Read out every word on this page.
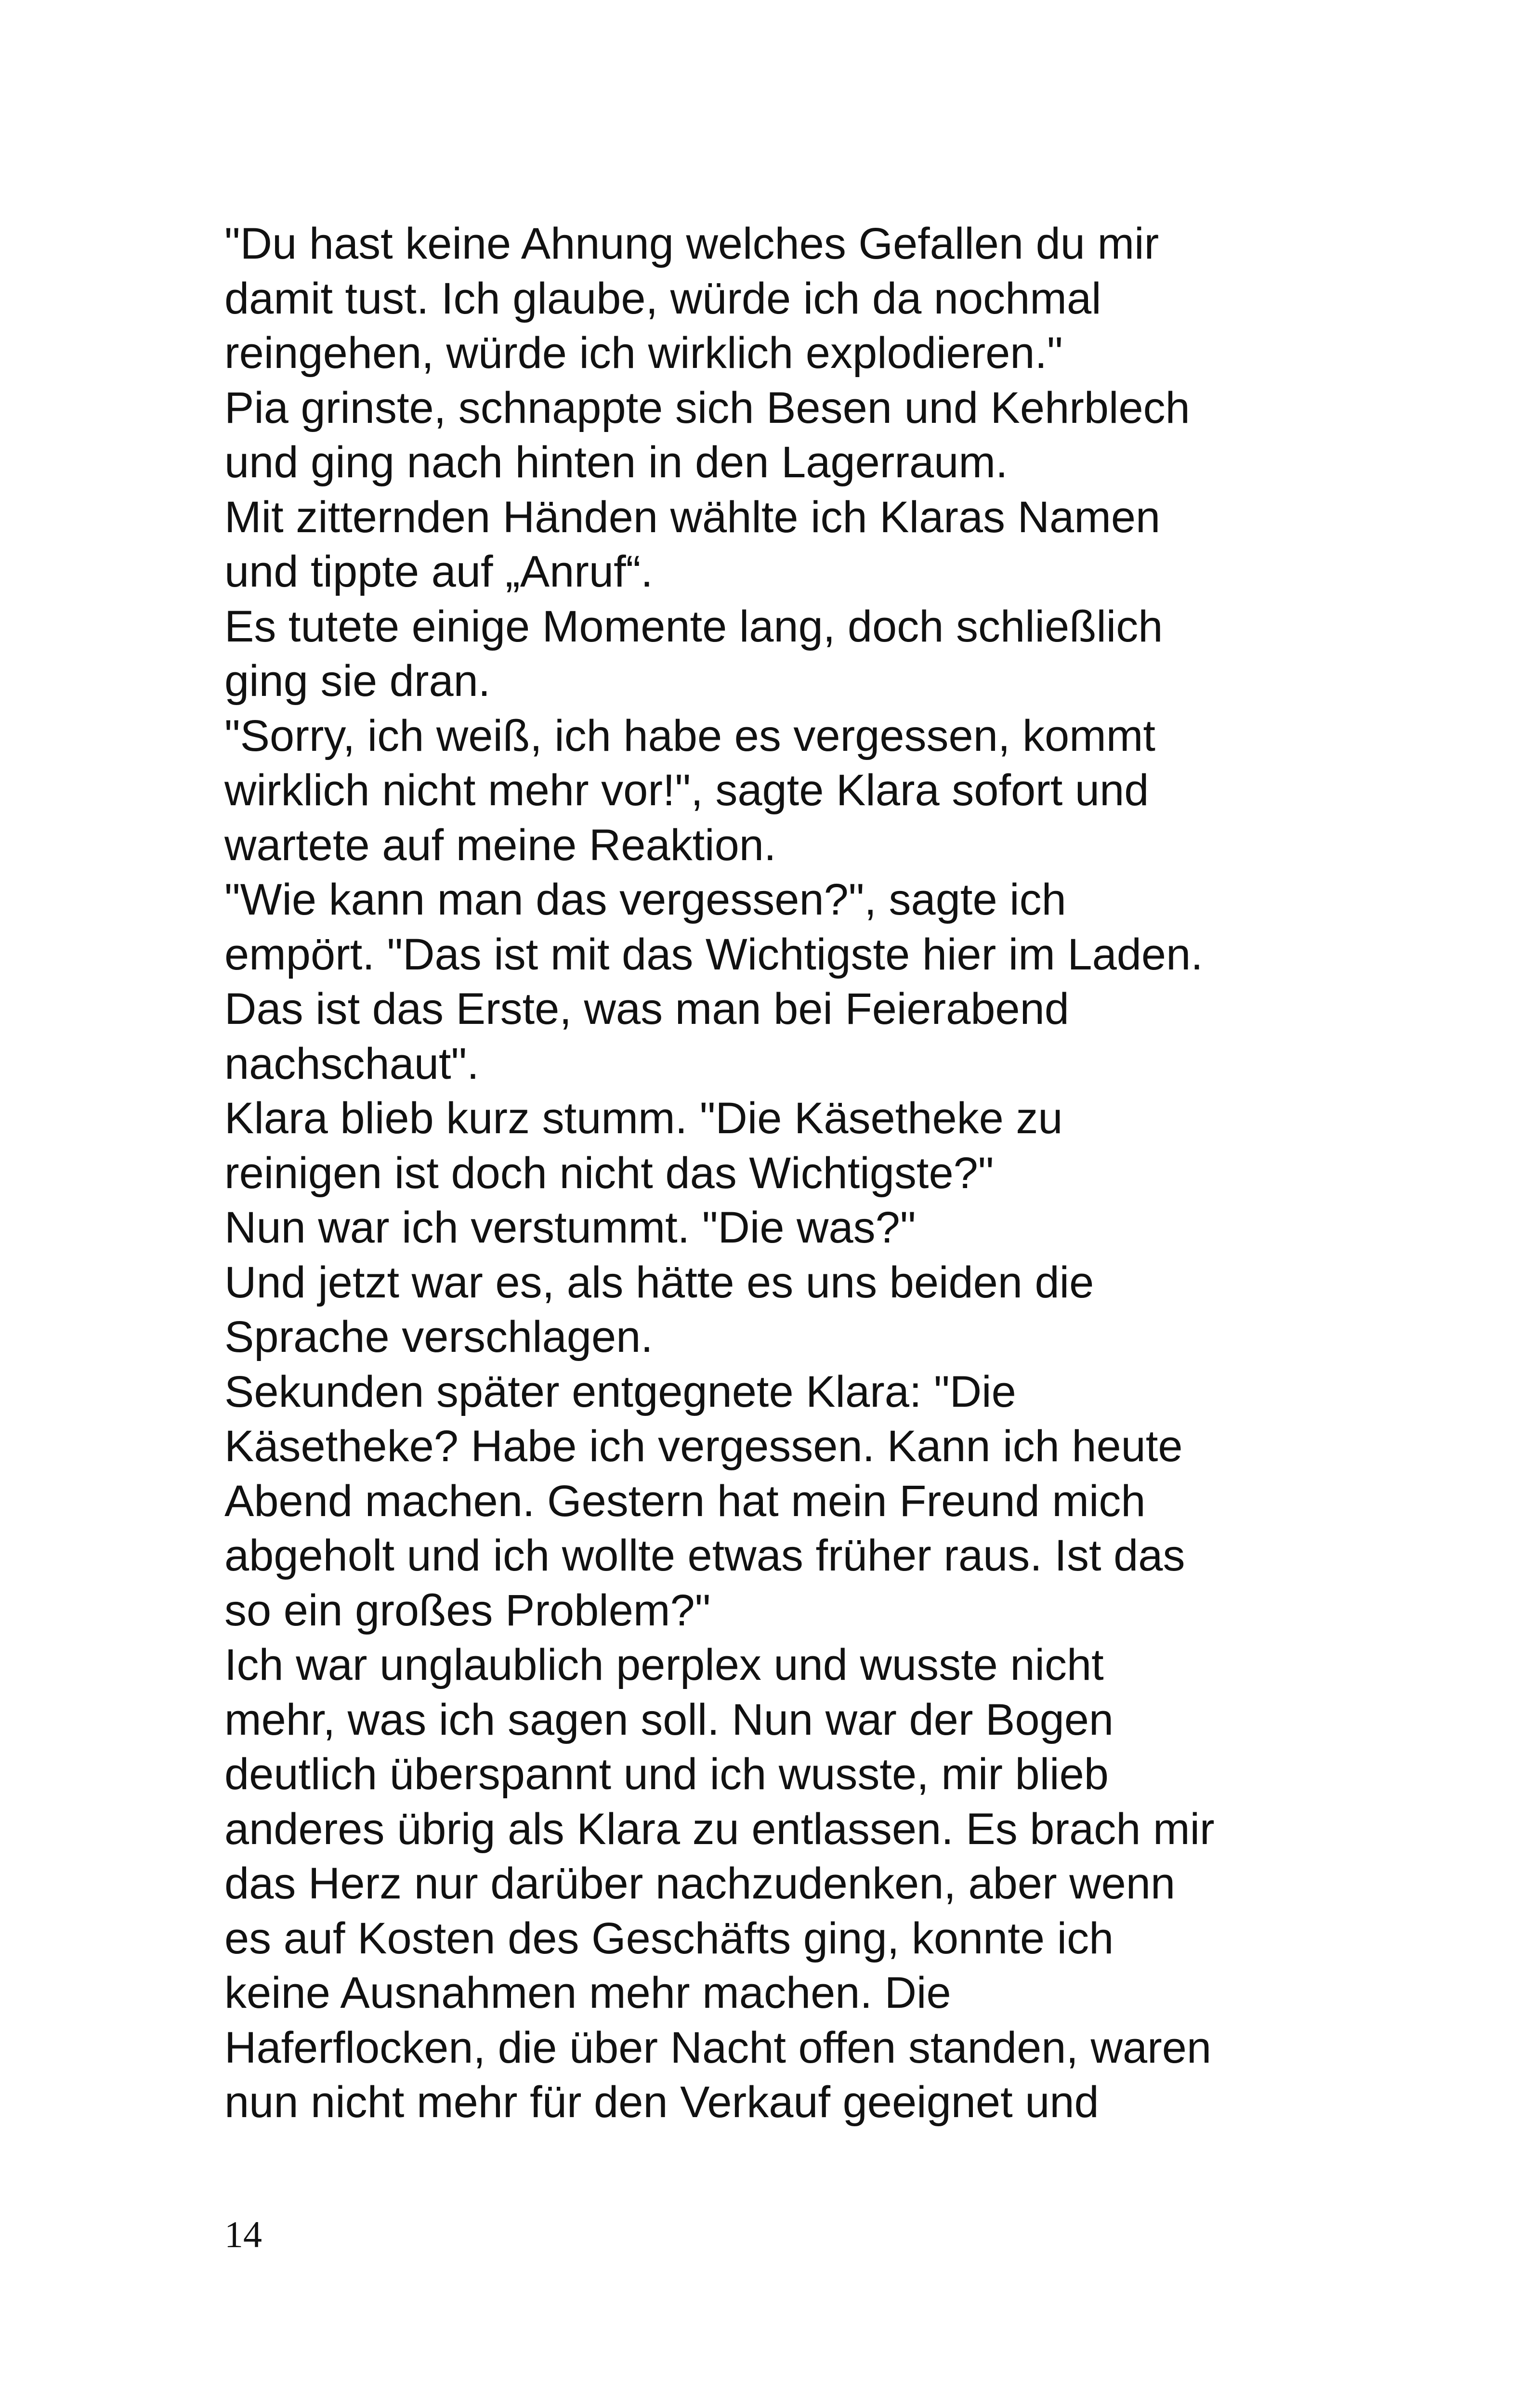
"Du hast keine Ahnung welches Gefallen du mir
damit tust. Ich glaube, würde ich da nochmal
reingehen, würde ich wirklich explodieren."
Pia grinste, schnappte sich Besen und Kehrblech
und ging nach hinten in den Lagerraum.
Mit zitternden Händen wählte ich Klaras Namen
und tippte auf „Anruf“.
Es tutete einige Momente lang, doch schließlich
ging sie dran.
"Sorry, ich weiß, ich habe es vergessen, kommt
wirklich nicht mehr vor!", sagte Klara sofort und
wartete auf meine Reaktion.
"Wie kann man das vergessen?", sagte ich
empört. "Das ist mit das Wichtigste hier im Laden.
Das ist das Erste, was man bei Feierabend
nachschaut".
Klara blieb kurz stumm. "Die Käsetheke zu
reinigen ist doch nicht das Wichtigste?"
Nun war ich verstummt. "Die was?"
Und jetzt war es, als hätte es uns beiden die
Sprache verschlagen.
Sekunden später entgegnete Klara: "Die
Käsetheke? Habe ich vergessen. Kann ich heute
Abend machen. Gestern hat mein Freund mich
abgeholt und ich wollte etwas früher raus. Ist das
so ein großes Problem?"
Ich war unglaublich perplex und wusste nicht
mehr, was ich sagen soll. Nun war der Bogen
deutlich überspannt und ich wusste, mir blieb
anderes übrig als Klara zu entlassen. Es brach mir
das Herz nur darüber nachzudenken, aber wenn
es auf Kosten des Geschäfts ging, konnte ich
keine Ausnahmen mehr machen. Die
Haferflocken, die über Nacht offen standen, waren
nun nicht mehr für den Verkauf geeignet und
14
